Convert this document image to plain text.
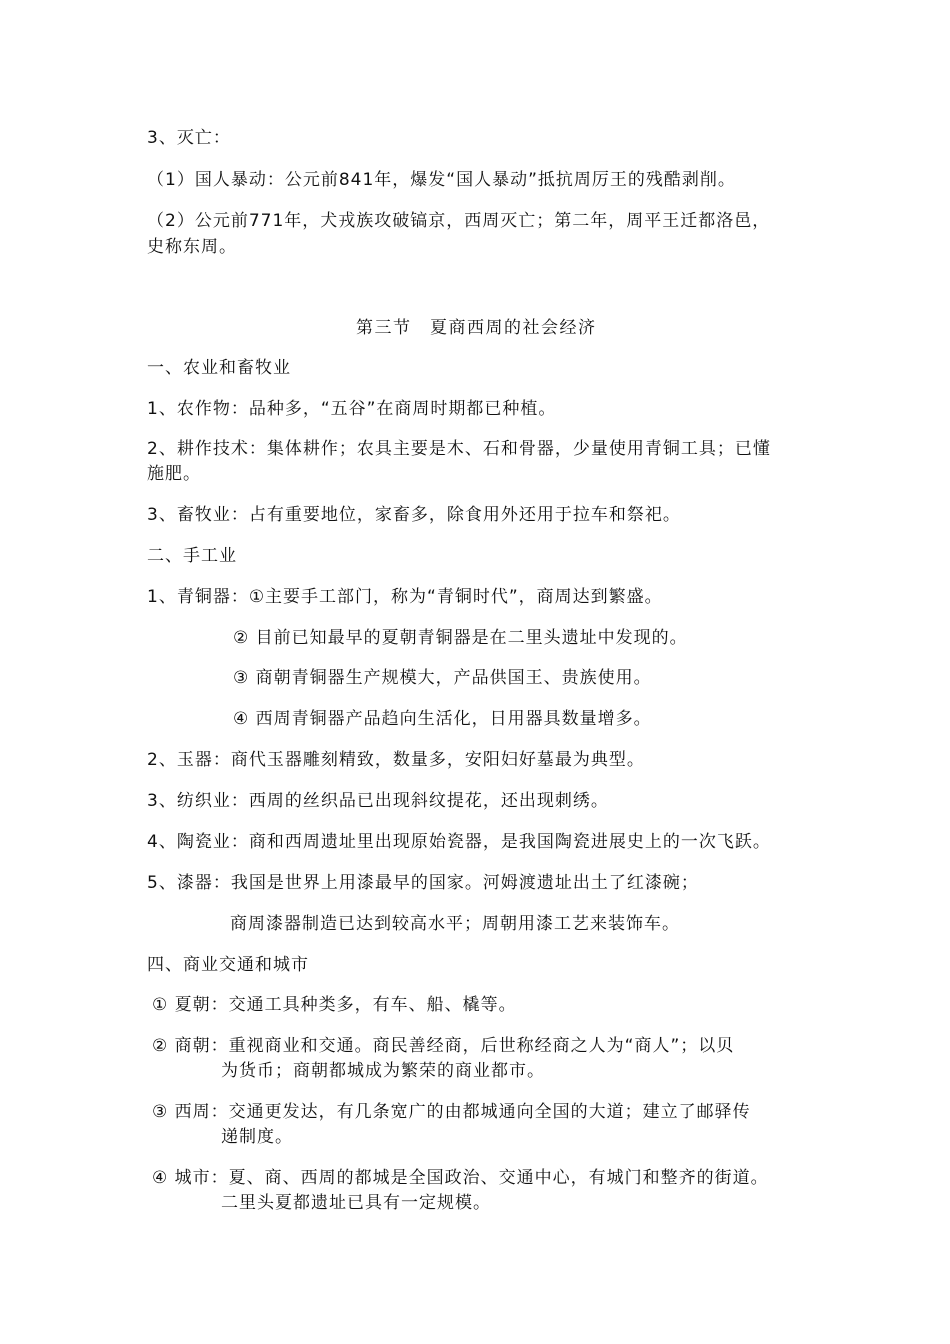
3、灭亡：
（1）国人暴动：公元前841年，爆发“国人暴动”抵抗周厉王的残酷剥削。
（2）公元前771年，犬戎族攻破镐京，西周灭亡；第二年，周平王迁都洛邑，
史称东周。
第三节　夏商西周的社会经济
一、农业和畜牧业
1、农作物：品种多，“五谷”在商周时期都已种植。
2、耕作技术：集体耕作；农具主要是木、石和骨器，少量使用青铜工具；已懂
施肥。
3、畜牧业：占有重要地位，家畜多，除食用外还用于拉车和祭祀。
二、手工业
1、青铜器：①主要手工部门，称为“青铜时代”，商周达到繁盛。
② 目前已知最早的夏朝青铜器是在二里头遗址中发现的。
③ 商朝青铜器生产规模大，产品供国王、贵族使用。
④ 西周青铜器产品趋向生活化，日用器具数量增多。
2、玉器：商代玉器雕刻精致，数量多，安阳妇好墓最为典型。
3、纺织业：西周的丝织品已出现斜纹提花，还出现刺绣。
4、陶瓷业：商和西周遗址里出现原始瓷器，是我国陶瓷进展史上的一次飞跃。
5、漆器：我国是世界上用漆最早的国家。河姆渡遗址出土了红漆碗；
商周漆器制造已达到较高水平；周朝用漆工艺来装饰车。
四、商业交通和城市
① 夏朝：交通工具种类多，有车、船、橇等。
② 商朝：重视商业和交通。商民善经商，后世称经商之人为“商人”；以贝
为货币；商朝都城成为繁荣的商业都市。
③ 西周：交通更发达，有几条宽广的由都城通向全国的大道；建立了邮驿传
递制度。
④ 城市：夏、商、西周的都城是全国政治、交通中心，有城门和整齐的街道。
二里头夏都遗址已具有一定规模。
